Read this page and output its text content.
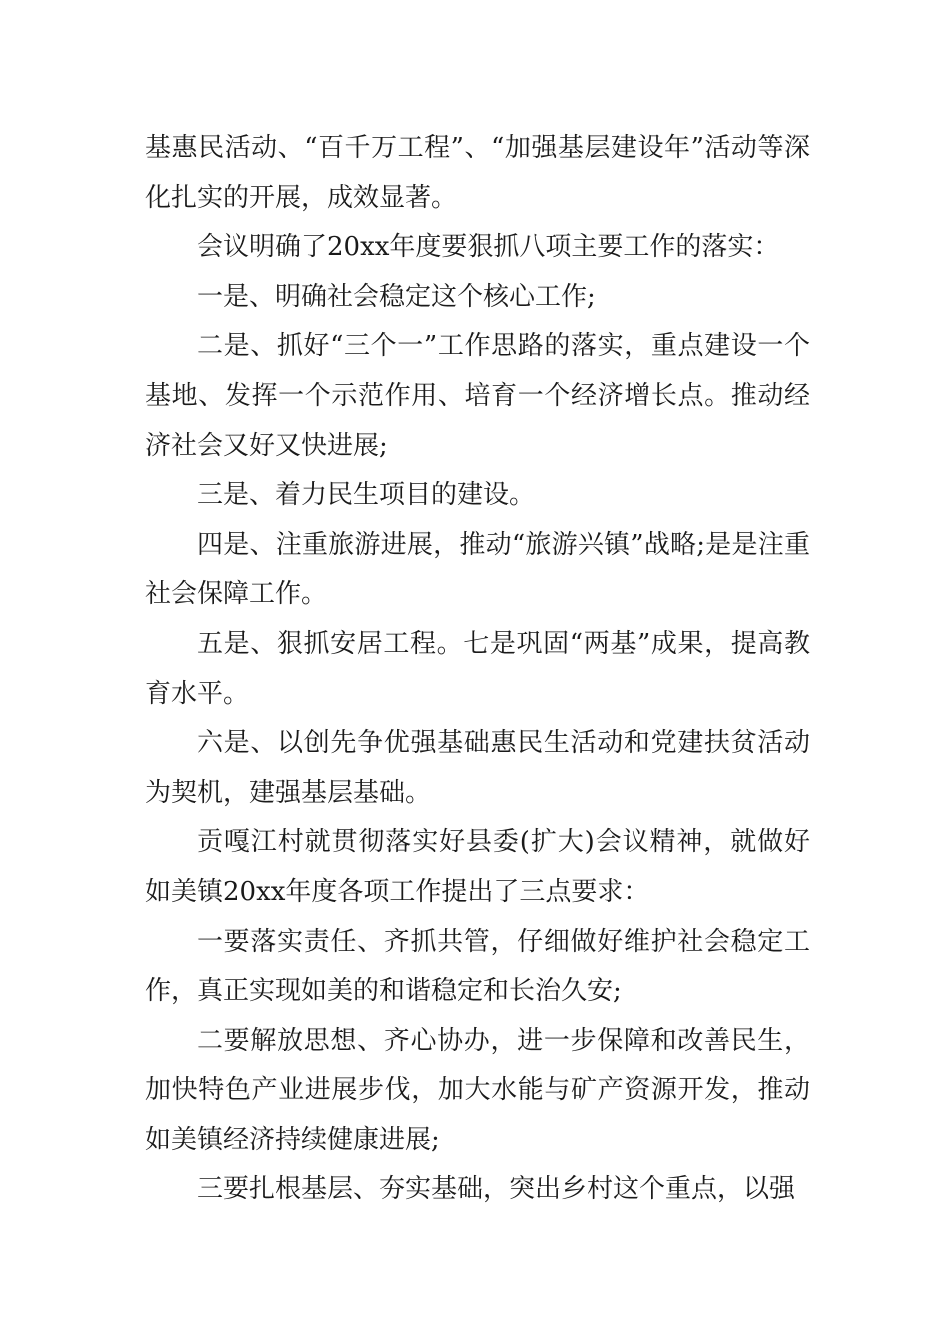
基惠民活动、“百千万工程”、“加强基层建设年”活动等深化扎实的开展，成效显著。

会议明确了20xx年度要狠抓八项主要工作的落实：

一是、明确社会稳定这个核心工作;

二是、抓好“三个一”工作思路的落实，重点建设一个基地、发挥一个示范作用、培育一个经济增长点。推动经济社会又好又快进展;

三是、着力民生项目的建设。

四是、注重旅游进展，推动“旅游兴镇”战略;是是注重社会保障工作。

五是、狠抓安居工程。七是巩固“两基”成果，提高教育水平。

六是、以创先争优强基础惠民生活动和党建扶贫活动为契机，建强基层基础。

贡嘎江村就贯彻落实好县委(扩大)会议精神，就做好如美镇20xx年度各项工作提出了三点要求：

一要落实责任、齐抓共管，仔细做好维护社会稳定工作，真正实现如美的和谐稳定和长治久安;

二要解放思想、齐心协办，进一步保障和改善民生，加快特色产业进展步伐，加大水能与矿产资源开发，推动如美镇经济持续健康进展;

三要扎根基层、夯实基础，突出乡村这个重点，以强
